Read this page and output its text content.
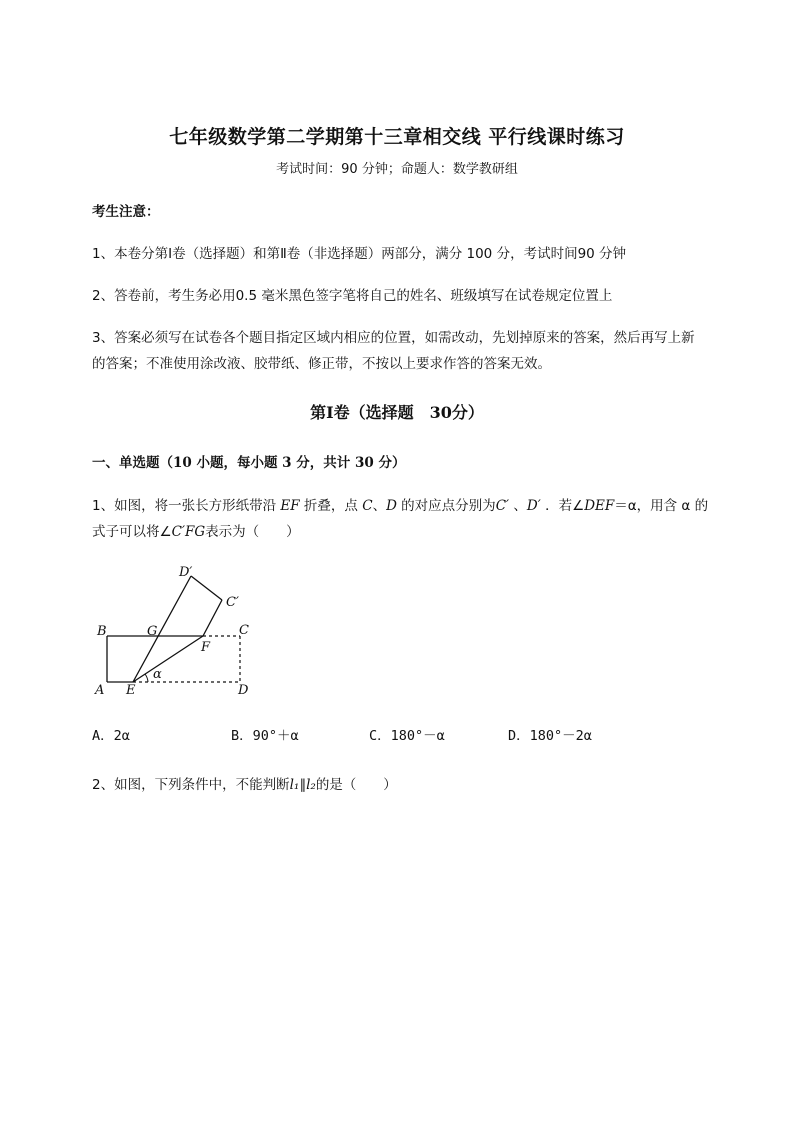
七年级数学第二学期第十三章相交线 平行线课时练习
考试时间：90 分钟；命题人：数学教研组
考生注意：
1、本卷分第Ⅰ卷（选择题）和第Ⅱ卷（非选择题）两部分，满分 100 分，考试时间90 分钟
2、答卷前，考生务必用0.5 毫米黑色签字笔将自己的姓名、班级填写在试卷规定位置上
3、答案必须写在试卷各个题目指定区域内相应的位置，如需改动，先划掉原来的答案，然后再写上新
的答案；不准使用涂改液、胶带纸、修正带，不按以上要求作答的答案无效。
第Ⅰ卷（选择题　30分）
一、单选题（10 小题，每小题 3 分，共计 30 分）
1、如图，将一张长方形纸带沿 EF 折叠，点 C、D 的对应点分别为C′ 、D′ ．若∠DEF＝α，用含 α 的
式子可以将∠C′FG表示为（　　）
D′
C′
B	G	C
F
A E	D
α
A．2α	B．90°＋α	C．180°－α	D．180°－2α
2、如图，下列条件中，不能判断l₁∥l₂的是（　　）
